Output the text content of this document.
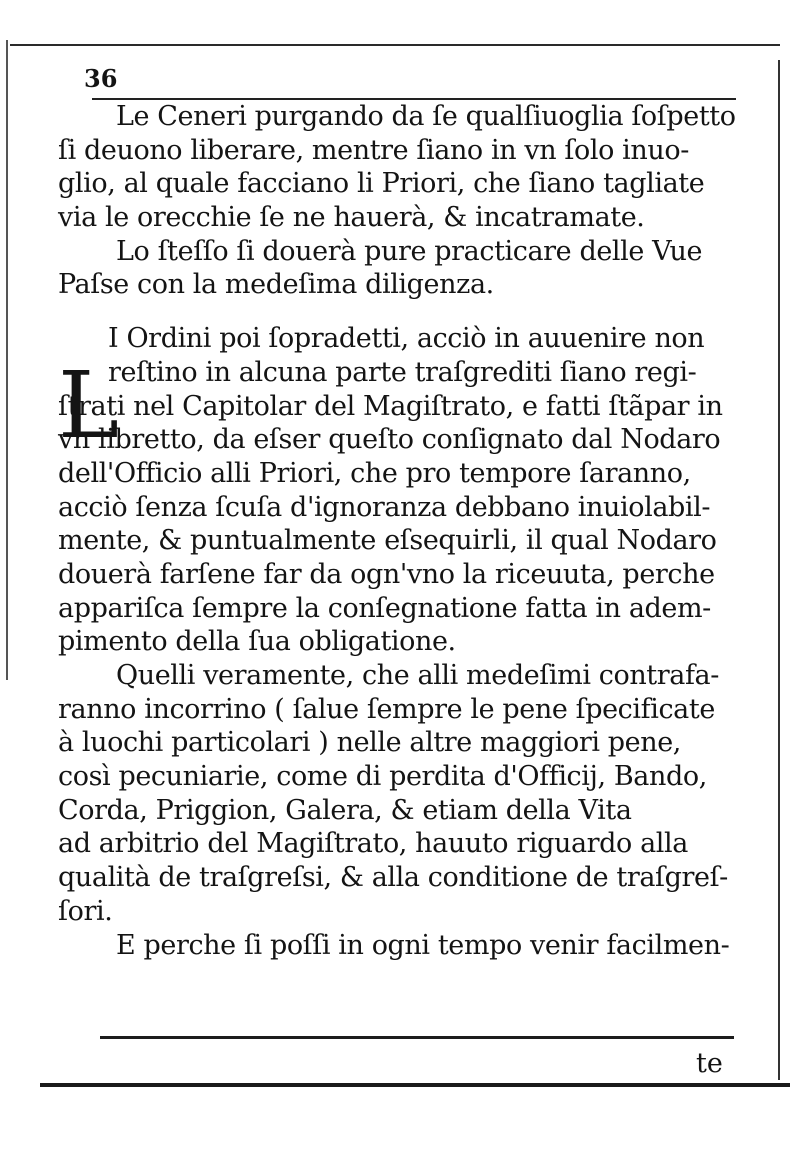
36
Le Ceneri purgando da ſe qualſiuoglia ſoſpetto
ſi deuono liberare, mentre ſiano in vn ſolo inuo-
glio, al quale facciano li Priori, che ſiano tagliate
via le orecchie ſe ne hauerà, & incatramate.
Lo ſteſſo ſi douerà pure practicare delle Vue
Paſse con la medeſima diligenza.
L
I Ordini poi ſopradetti, acciò in auuenire non
reſtino in alcuna parte traſgrediti ſiano regi-
ſtrati nel Capitolar del Magiſtrato, e fatti ſtãpar in
vn libretto, da eſser queſto conſignato dal Nodaro
dell'Officio alli Priori, che pro tempore ſaranno,
acciò ſenza ſcuſa d'ignoranza debbano inuiolabil-
mente, & puntualmente eſsequirli, il qual Nodaro
douerà farſene far da ogn'vno la riceuuta, perche
appariſca ſempre la conſegnatione fatta in adem-
pimento della ſua obligatione.
Quelli veramente, che alli medeſimi contrafa-
ranno incorrino ( ſalue ſempre le pene ſpecificate
à luochi particolari ) nelle altre maggiori pene,
così pecuniarie, come di perdita d'Officij, Bando,
Corda, Priggion, Galera, & etiam della Vita
ad arbitrio del Magiſtrato, hauuto riguardo alla
qualità de traſgreſsi, & alla conditione de traſgreſ-
ſori.
E perche ſi poſſi in ogni tempo venir facilmen-
te
